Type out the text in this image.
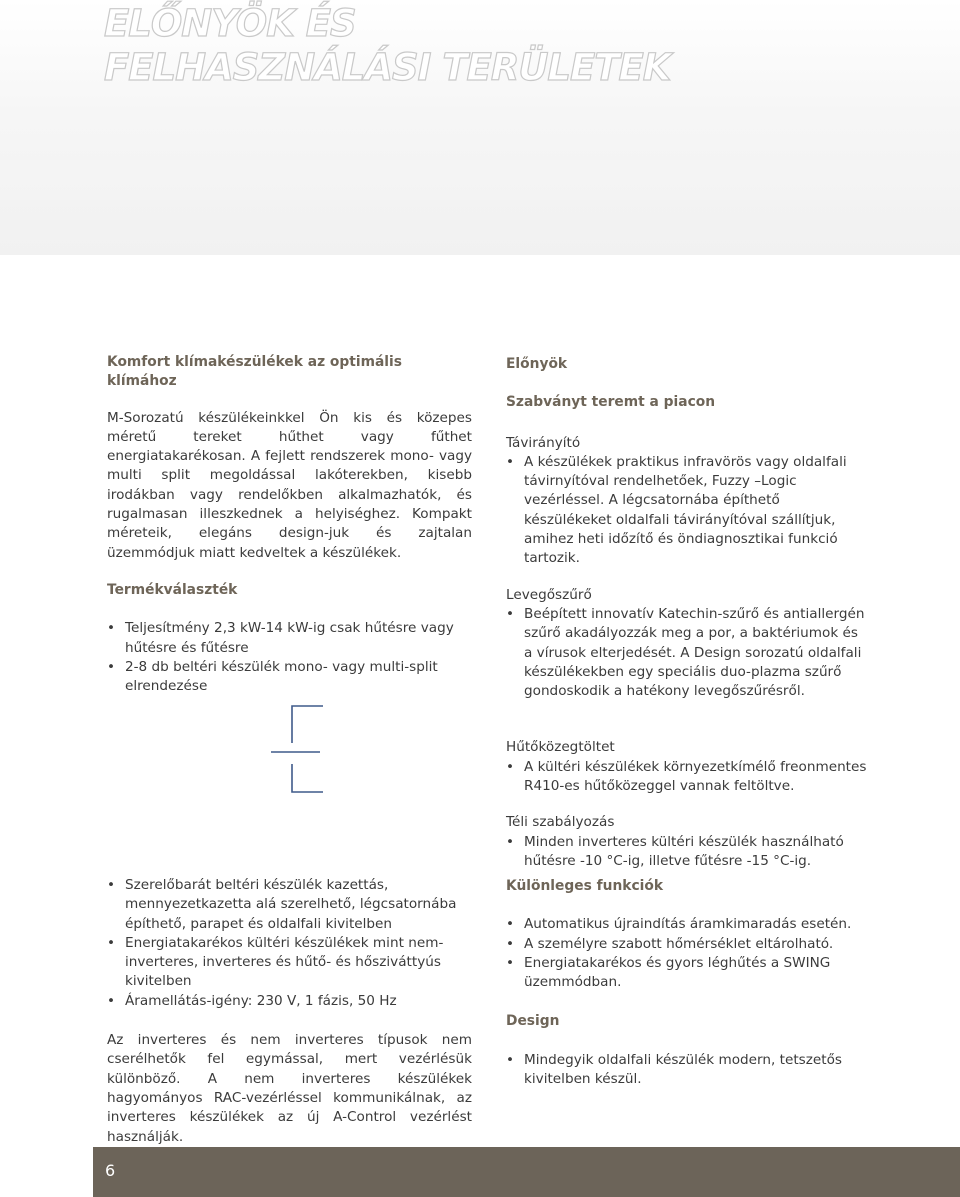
ELŐNYÖK ÉS
FELHASZNÁLÁSI TERÜLETEK

Komfort klímakészülékek az optimális klímához

M-Sorozatú készülékeinkkel Ön kis és közepes méretű tereket hűthet vagy fűthet energiatakarékosan. A fejlett rendszerek mono- vagy multi split megoldással lakóterekben, kisebb irodákban vagy rendelőkben alkalmazhatók, és rugalmasan illeszkednek a helyiséghez. Kompakt méreteik, elegáns design-juk és zajtalan üzemmódjuk miatt kedveltek a készülékek.

Termékválaszték

• Teljesítmény 2,3 kW-14 kW-ig csak hűtésre vagy hűtésre és fűtésre
• 2-8 db beltéri készülék mono- vagy multi-split elrendezése

Előnyök

Szabványt teremt a piacon

Távirányító

• A készülékek praktikus infravörös vagy oldalfali távirnyítóval rendelhetőek, Fuzzy –Logic vezérléssel. A légcsatornába építhető készülékeket oldalfali távirányítóval szállítjuk, amihez heti időzítő és öndiagnosztikai funkció tartozik.

Levegőszűrő

• Beépített innovatív Katechin-szűrő és antiallergén szűrő akadályozzák meg a por, a baktériumok és a vírusok elterjedését. A Design sorozatú oldalfali készülékekben egy speciális duo-plazma szűrő gondoskodik a hatékony levegőszűrésről.

Hűtőközegtöltet

• A kültéri készülékek környezetkímélő freonmentes R410-es hűtőközeggel vannak feltöltve.

Téli szabályozás

• Minden inverteres kültéri készülék használható hűtésre -10 °C-ig, illetve fűtésre -15 °C-ig.
• Szerelőbarát beltéri készülék kazettás, mennyezetkazetta alá szerelhető, légcsatornába építhető, parapet és oldalfali kivitelben
• Energiatakarékos kültéri készülékek mint nem-inverteres, inverteres és hűtő- és hősziváttyús kivitelben
• Áramellátás-igény: 230 V, 1 fázis, 50 Hz

Az inverteres és nem inverteres típusok nem cserélhetők fel egymással, mert vezérlésük különböző. A nem inverteres készülékek hagyományos RAC-vezérléssel kommunikálnak, az inverteres készülékek az új A-Control vezérlést használják.

Különleges funkciók

• Automatikus újraindítás áramkimaradás esetén.
• A személyre szabott hőmérséklet eltárolható.
• Energiatakarékos és gyors léghűtés a SWING üzemmódban.

Design

• Mindegyik oldalfali készülék modern, tetszetős kivitelben készül.
6
